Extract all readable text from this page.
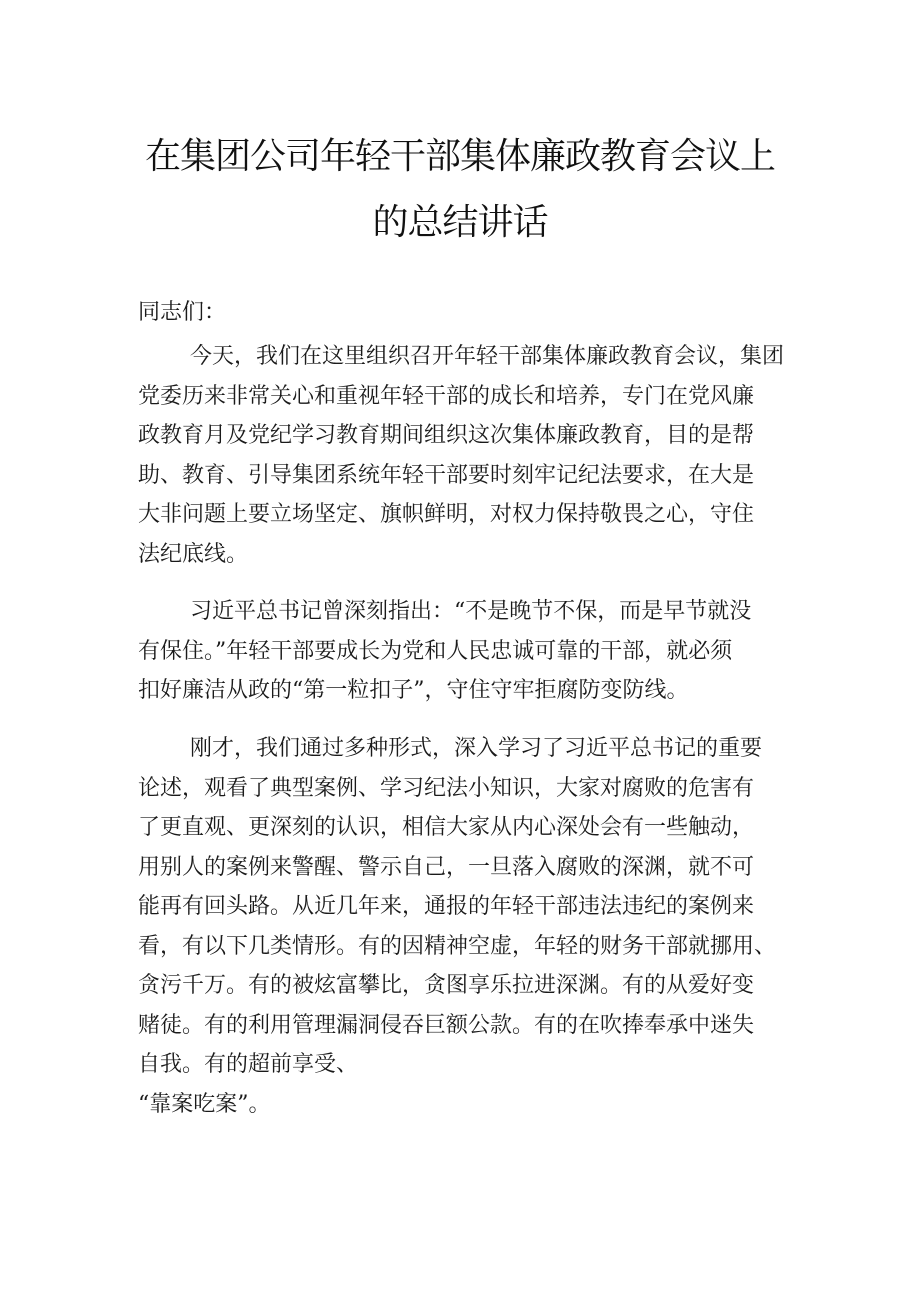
在集团公司年轻干部集体廉政教育会议上
的总结讲话

同志们：

今天，我们在这里组织召开年轻干部集体廉政教育会议，集团
党委历来非常关心和重视年轻干部的成长和培养，专门在党风廉
政教育月及党纪学习教育期间组织这次集体廉政教育，目的是帮
助、教育、引导集团系统年轻干部要时刻牢记纪法要求，在大是
大非问题上要立场坚定、旗帜鲜明，对权力保持敬畏之心，守住
法纪底线。
习近平总书记曾深刻指出：“不是晚节不保，而是早节就没
有保住。”年轻干部要成长为党和人民忠诚可靠的干部，就必须
扣好廉洁从政的“第一粒扣子”，守住守牢拒腐防变防线。
刚才，我们通过多种形式，深入学习了习近平总书记的重要
论述，观看了典型案例、学习纪法小知识，大家对腐败的危害有
了更直观、更深刻的认识，相信大家从内心深处会有一些触动，
用别人的案例来警醒、警示自己，一旦落入腐败的深渊，就不可
能再有回头路。从近几年来，通报的年轻干部违法违纪的案例来
看，有以下几类情形。有的因精神空虚，年轻的财务干部就挪用、
贪污千万。有的被炫富攀比，贪图享乐拉进深渊。有的从爱好变
赌徒。有的利用管理漏洞侵吞巨额公款。有的在吹捧奉承中迷失
自我。有的超前享受、
“靠案吃案”。
